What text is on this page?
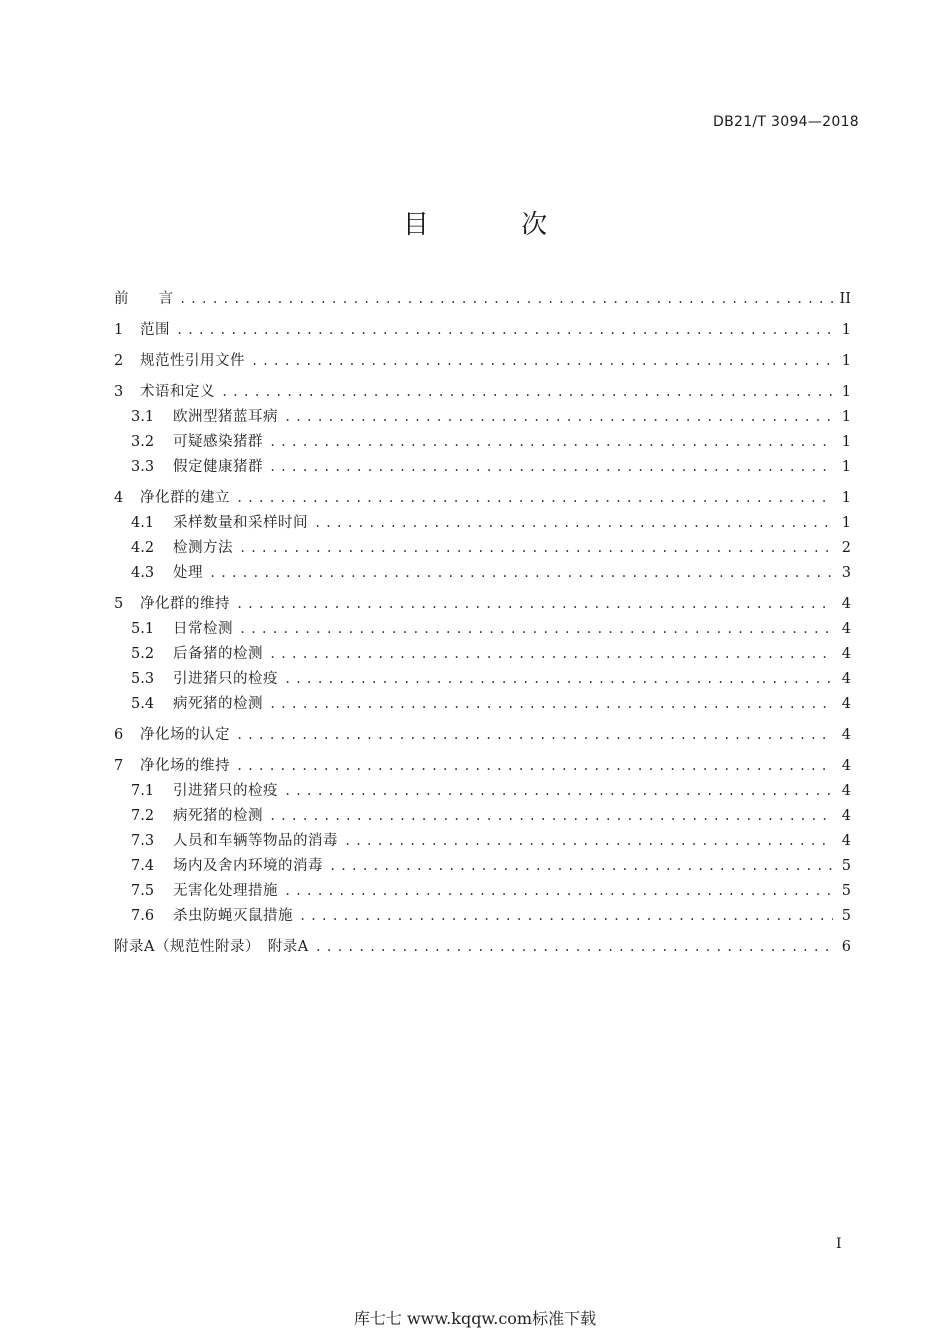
DB21/T 3094—2018
目 次
前 言 .....	II
1	范围 .....	1
2	规范性引用文件 .....	1
3	术语和定义 .....	1
3.1	欧洲型猪蓝耳病 .....	1
3.2	可疑感染猪群 .....	1
3.3	假定健康猪群 .....	1
4	净化群的建立 .....	1
4.1	采样数量和采样时间 .....	1
4.2	检测方法 .....	2
4.3	处理 .....	3
5	净化群的维持 .....	4
5.1	日常检测 .....	4
5.2	后备猪的检测 .....	4
5.3	引进猪只的检疫 .....	4
5.4	病死猪的检测 .....	4
6	净化场的认定 .....	4
7	净化场的维持 .....	4
7.1	引进猪只的检疫 .....	4
7.2	病死猪的检测 .....	4
7.3	人员和车辆等物品的消毒 .....	4
7.4	场内及舍内环境的消毒 .....	5
7.5	无害化处理措施 .....	5
7.6	杀虫防蝇灭鼠措施 .....	5
附录A（规范性附录）　附录A .....	6
I
库七七 www.kqqw.com标准下载
